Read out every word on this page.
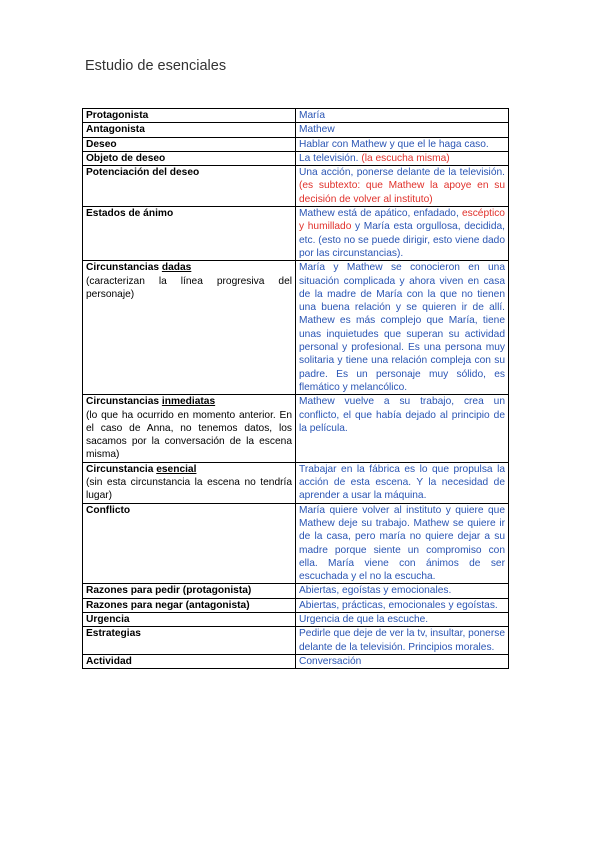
Estudio de esenciales
Protagonista	María
Antagonista	Mathew
Deseo	Hablar con Mathew y que el le haga caso.
Objeto de deseo	La televisión. (la escucha misma)
Potenciación del deseo	Una acción, ponerse delante de la televisión. (es subtexto: que Mathew la apoye en su decisión de volver al instituto)
Estados de ánimo	Mathew está de apático, enfadado, escéptico y humillado y María esta orgullosa, decidida, etc. (esto no se puede dirigir, esto viene dado por las circunstancias).
Circunstancias dadas
(caracterizan la línea progresiva del personaje)	María y Mathew se conocieron en una situación complicada y ahora viven en casa de la madre de María con la que no tienen una buena relación y se quieren ir de allí. Mathew es más complejo que María, tiene unas inquietudes que superan su actividad personal y profesional. Es una persona muy solitaria y tiene una relación compleja con su padre. Es un personaje muy sólido, es flemático y melancólico.
Circunstancias inmediatas
(lo que ha ocurrido en momento anterior. En el caso de Anna, no tenemos datos, los sacamos por la conversación de la escena misma)	Mathew vuelve a su trabajo, crea un conflicto, el que había dejado al principio de la película.
Circunstancia esencial
(sin esta circunstancia la escena no tendría lugar)	Trabajar en la fábrica es lo que propulsa la acción de esta escena. Y la necesidad de aprender a usar la máquina.
Conflicto	María quiere volver al instituto y quiere que Mathew deje su trabajo. Mathew se quiere ir de la casa, pero maría no quiere dejar a su madre porque siente un compromiso con ella. María viene con ánimos de ser escuchada y el no la escucha.
Razones para pedir (protagonista)	Abiertas, egoístas y emocionales.
Razones para negar (antagonista)	Abiertas, prácticas, emocionales y egoístas.
Urgencia	Urgencia de que la escuche.
Estrategias	Pedirle que deje de ver la tv, insultar, ponerse delante de la televisión. Principios morales.
Actividad	Conversación
